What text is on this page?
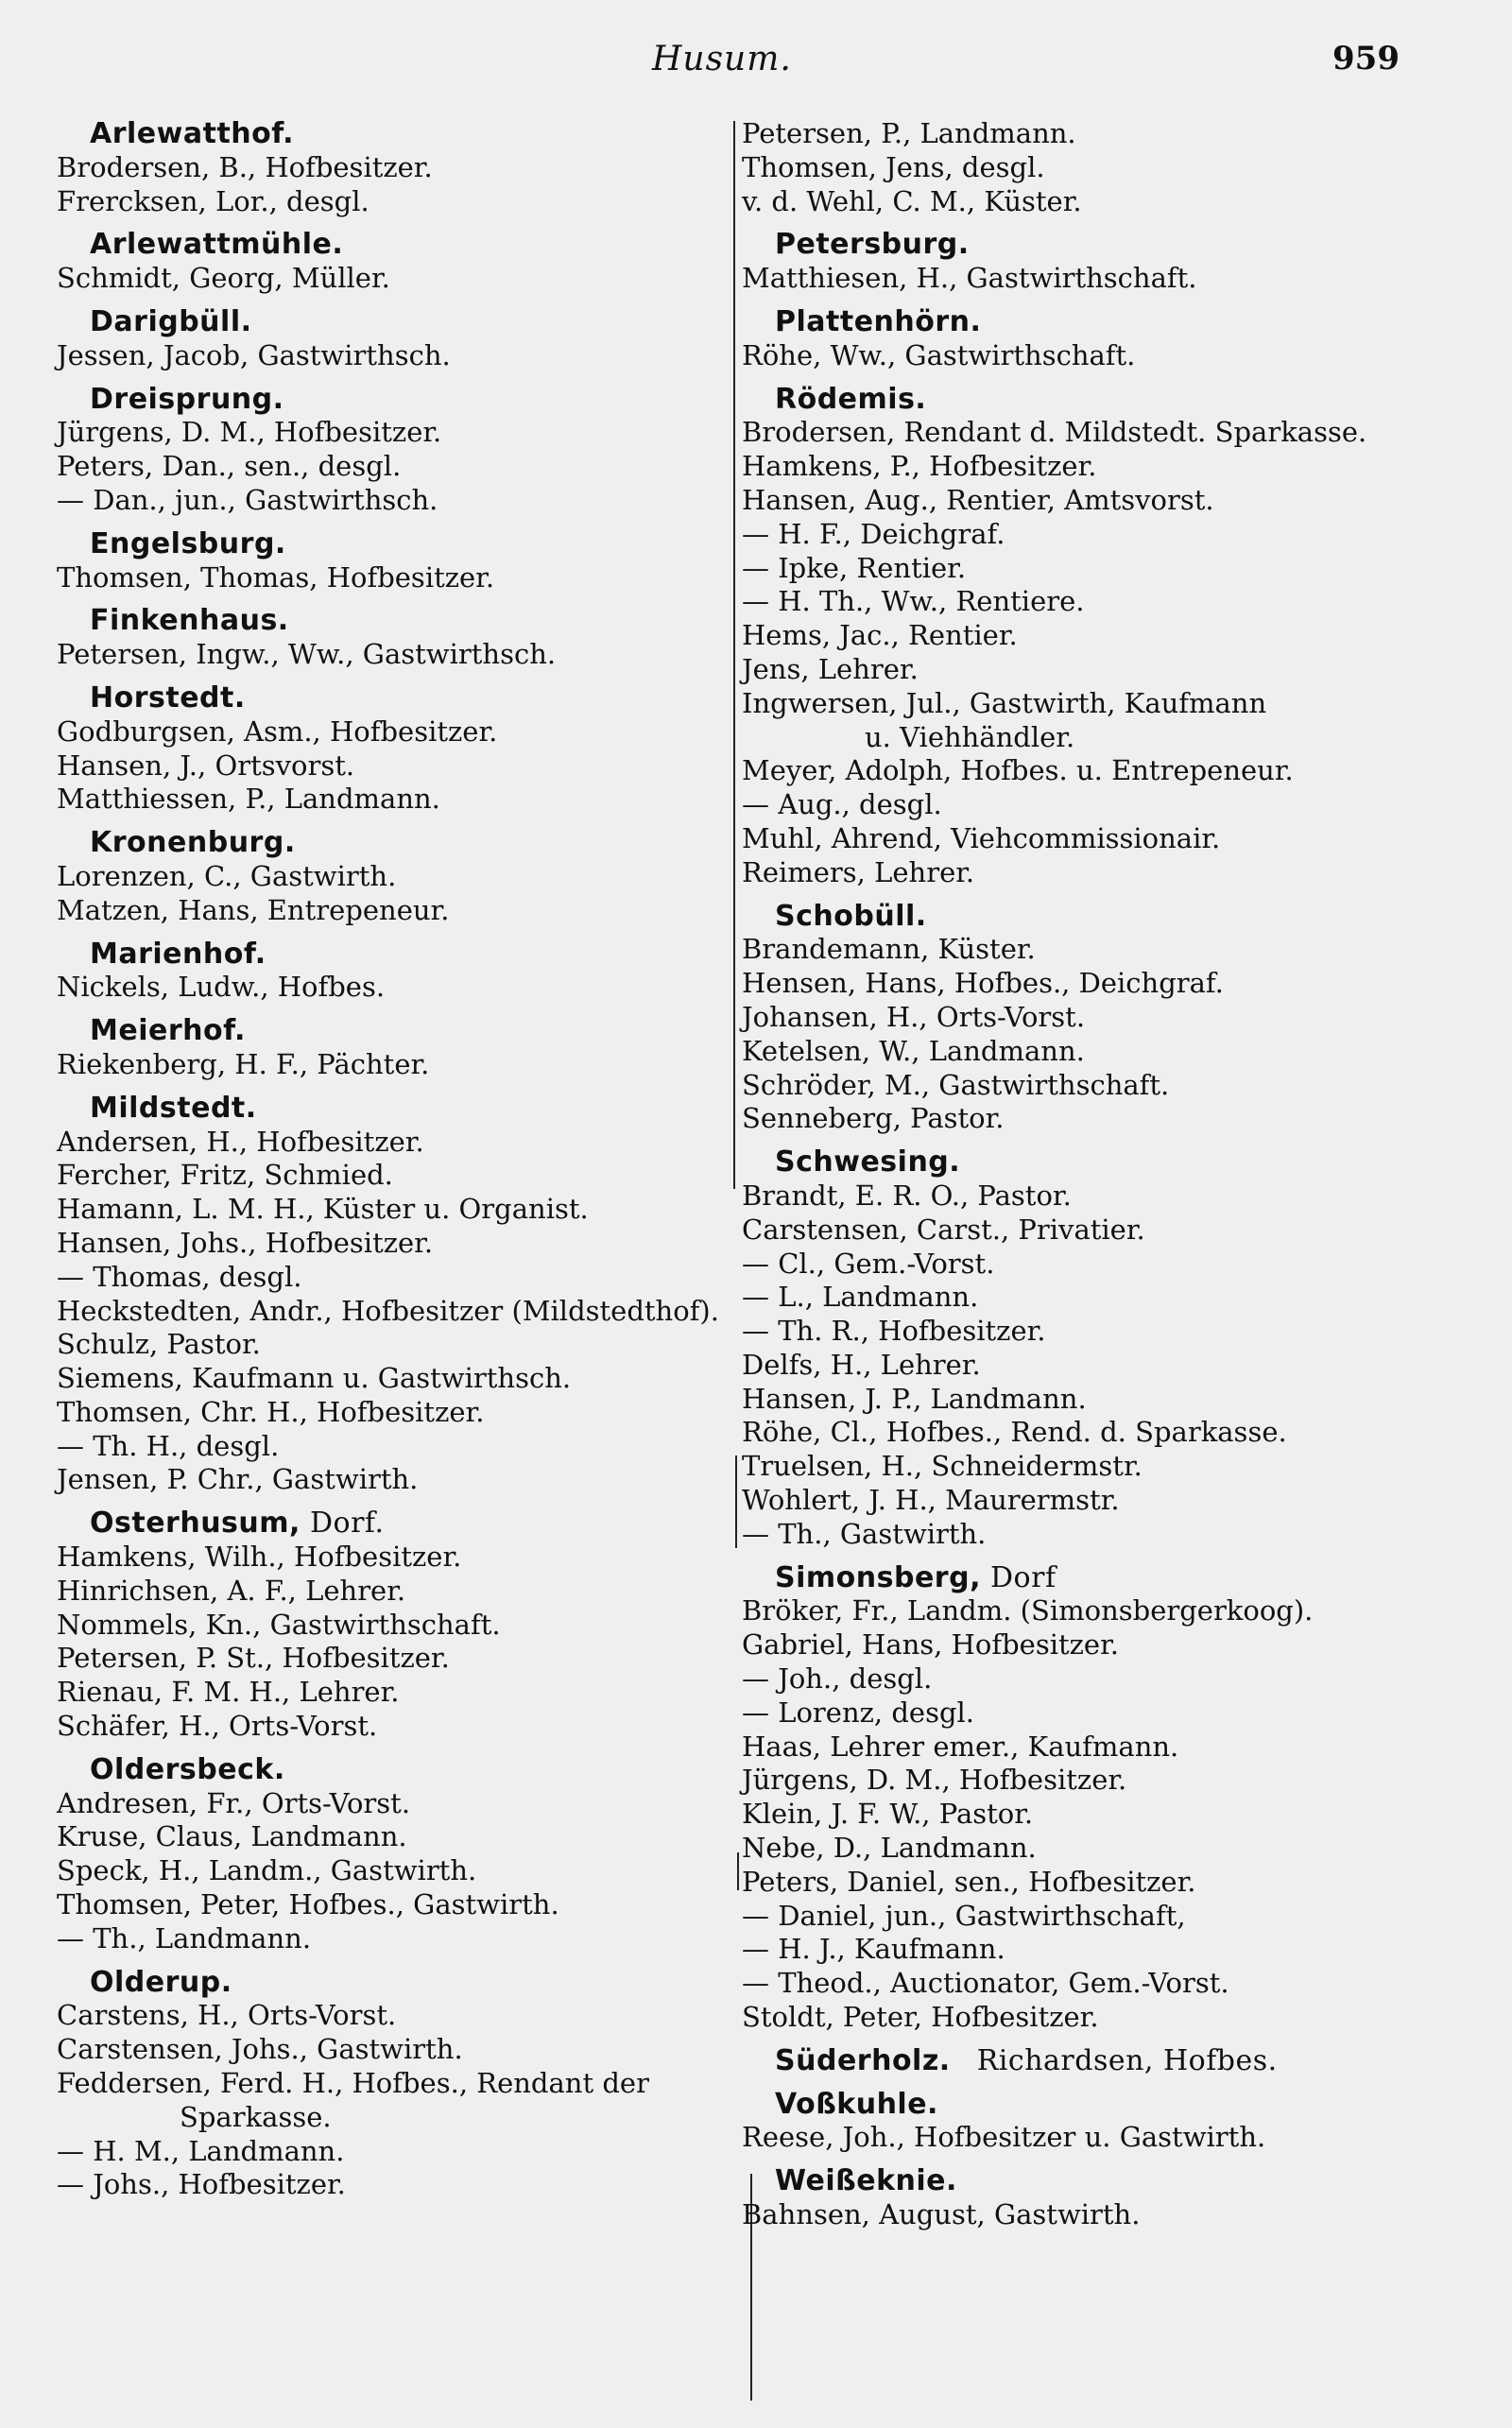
Husum.	959
Arlewatthof.
Brodersen, B., Hofbesitzer.
Frercksen, Lor., desgl.
Arlewattmühle.
Schmidt, Georg, Müller.
Darigbüll.
Jessen, Jacob, Gastwirthsch.
Dreisprung.
Jürgens, D. M., Hofbesitzer.
Peters, Dan., sen., desgl.
— Dan., jun., Gastwirthsch.
Engelsburg.
Thomsen, Thomas, Hofbesitzer.
Finkenhaus.
Petersen, Ingw., Ww., Gastwirthsch.
Horstedt.
Godburgsen, Asm., Hofbesitzer.
Hansen, J., Ortsvorst.
Matthiessen, P., Landmann.
Kronenburg.
Lorenzen, C., Gastwirth.
Matzen, Hans, Entrepeneur.
Marienhof.
Nickels, Ludw., Hofbes.
Meierhof.
Riekenberg, H. F., Pächter.
Mildstedt.
Andersen, H., Hofbesitzer.
Fercher, Fritz, Schmied.
Hamann, L. M. H., Küster u. Organist.
Hansen, Johs., Hofbesitzer.
— Thomas, desgl.
Heckstedten, Andr., Hofbesitzer (Mildstedthof).
Schulz, Pastor.
Siemens, Kaufmann u. Gastwirthsch.
Thomsen, Chr. H., Hofbesitzer.
— Th. H., desgl.
Jensen, P. Chr., Gastwirth.
Osterhusum, Dorf.
Hamkens, Wilh., Hofbesitzer.
Hinrichsen, A. F., Lehrer.
Nommels, Kn., Gastwirthschaft.
Petersen, P. St., Hofbesitzer.
Rienau, F. M. H., Lehrer.
Schäfer, H., Orts-Vorst.
Oldersbeck.
Andresen, Fr., Orts-Vorst.
Kruse, Claus, Landmann.
Speck, H., Landm., Gastwirth.
Thomsen, Peter, Hofbes., Gastwirth.
— Th., Landmann.
Olderup.
Carstens, H., Orts-Vorst.
Carstensen, Johs., Gastwirth.
Feddersen, Ferd. H., Hofbes., Rendant der
Sparkasse.
— H. M., Landmann.
— Johs., Hofbesitzer.
Petersen, P., Landmann.
Thomsen, Jens, desgl.
v. d. Wehl, C. M., Küster.
Petersburg.
Matthiesen, H., Gastwirthschaft.
Plattenhörn.
Röhe, Ww., Gastwirthschaft.
Rödemis.
Brodersen, Rendant d. Mildstedt. Sparkasse.
Hamkens, P., Hofbesitzer.
Hansen, Aug., Rentier, Amtsvorst.
— H. F., Deichgraf.
— Ipke, Rentier.
— H. Th., Ww., Rentiere.
Hems, Jac., Rentier.
Jens, Lehrer.
Ingwersen, Jul., Gastwirth, Kaufmann
u. Viehhändler.
Meyer, Adolph, Hofbes. u. Entrepeneur.
— Aug., desgl.
Muhl, Ahrend, Viehcommissionair.
Reimers, Lehrer.
Schobüll.
Brandemann, Küster.
Hensen, Hans, Hofbes., Deichgraf.
Johansen, H., Orts-Vorst.
Ketelsen, W., Landmann.
Schröder, M., Gastwirthschaft.
Senneberg, Pastor.
Schwesing.
Brandt, E. R. O., Pastor.
Carstensen, Carst., Privatier.
— Cl., Gem.-Vorst.
— L., Landmann.
— Th. R., Hofbesitzer.
Delfs, H., Lehrer.
Hansen, J. P., Landmann.
Röhe, Cl., Hofbes., Rend. d. Sparkasse.
Truelsen, H., Schneidermstr.
Wohlert, J. H., Maurermstr.
— Th., Gastwirth.
Simonsberg, Dorf
Bröker, Fr., Landm. (Simonsbergerkoog).
Gabriel, Hans, Hofbesitzer.
— Joh., desgl.
— Lorenz, desgl.
Haas, Lehrer emer., Kaufmann.
Jürgens, D. M., Hofbesitzer.
Klein, J. F. W., Pastor.
Nebe, D., Landmann.
Peters, Daniel, sen., Hofbesitzer.
— Daniel, jun., Gastwirthschaft,
— H. J., Kaufmann.
— Theod., Auctionator, Gem.-Vorst.
Stoldt, Peter, Hofbesitzer.
Süderholz. Richardsen, Hofbes.
Voßkuhle.
Reese, Joh., Hofbesitzer u. Gastwirth.
Weißeknie.
Bahnsen, August, Gastwirth.
